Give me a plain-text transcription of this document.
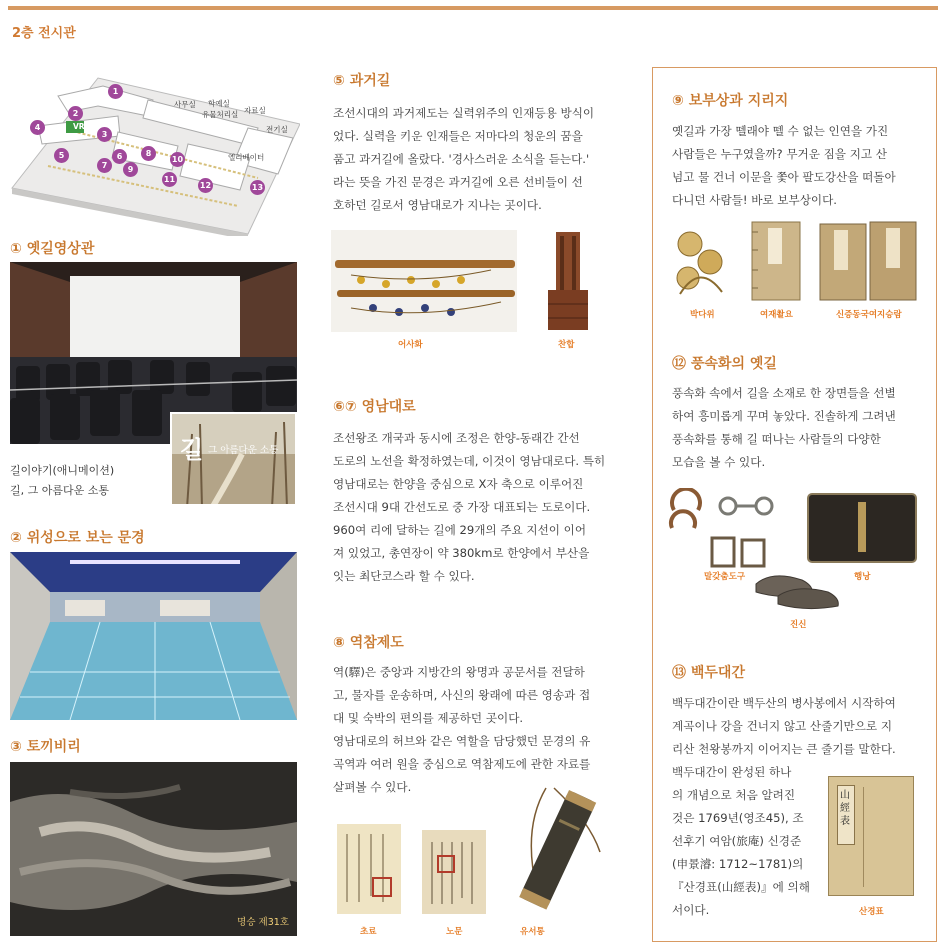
2층 전시관
VR
사무실 학예실
유물처리실 자료실
전기실
엘리베이터
1
2
3
4
5	6
7
8
9
10
11
12	13
① 옛길영상관
길 그 아름다운 소통
길이야기(애니메이션)
길, 그 아름다운 소통
② 위성으로 보는 문경
③ 토끼비리
명승 제31호
⑤ 과거길
조선시대의 과거제도는 실력위주의 인재등용 방식이
었다. 실력을 키운 인재들은 저마다의 청운의 꿈을
품고 과거길에 올랐다. '경사스러운 소식을 듣는다.'
라는 뜻을 가진 문경은 과거길에 오른 선비들이 선
호하던 길로서 영남대로가 지나는 곳이다.
어사화	찬합
⑥⑦ 영남대로
조선왕조 개국과 동시에 조정은 한양-동래간 간선
도로의 노선을 확정하였는데, 이것이 영남대로다. 특히
영남대로는 한양을 중심으로 X자 축으로 이루어진
조선시대 9대 간선도로 중 가장 대표되는 도로이다.
960여 리에 달하는 길에 29개의 주요 지선이 이어
져 있었고, 총연장이 약 380km로 한양에서 부산을
잇는 최단코스라 할 수 있다.
⑧ 역참제도
역(驛)은 중앙과 지방간의 왕명과 공문서를 전달하
고, 물자를 운송하며, 사신의 왕래에 따른 영송과 접
대 및 숙박의 편의를 제공하던 곳이다.
영남대로의 허브와 같은 역할을 담당했던 문경의 유
곡역과 여러 원을 중심으로 역참제도에 관한 자료를
살펴볼 수 있다.
초료	노문	유서통
⑨ 보부상과 지리지
옛길과 가장 뗄래야 뗄 수 없는 인연을 가진
사람들은 누구였을까? 무거운 짐을 지고 산
넘고 물 건너 이문을 쫓아 팔도강산을 떠돌아
다니던 사람들! 바로 보부상이다.
박다위	여재촬요	신증동국여지승람
⑫ 풍속화의 옛길
풍속화 속에서 길을 소재로 한 장면들을 선별
하여 흥미롭게 꾸며 놓았다. 진솔하게 그려낸
풍속화를 통해 길 떠나는 사람들의 다양한
모습을 볼 수 있다.
말갖춤도구	행낭
진신
⑬ 백두대간
백두대간이란 백두산의 병사봉에서 시작하여
계곡이나 강을 건너지 않고 산줄기만으로 지
리산 천왕봉까지 이어지는 큰 줄기를 말한다.
백두대간이 완성된 하나
의 개념으로 처음 알려진
것은 1769년(영조45), 조
선후기 여암(旅庵) 신경준
(申景濬: 1712~1781)의
『산경표(山經表)』에 의해
서이다.
山經表
산경표
